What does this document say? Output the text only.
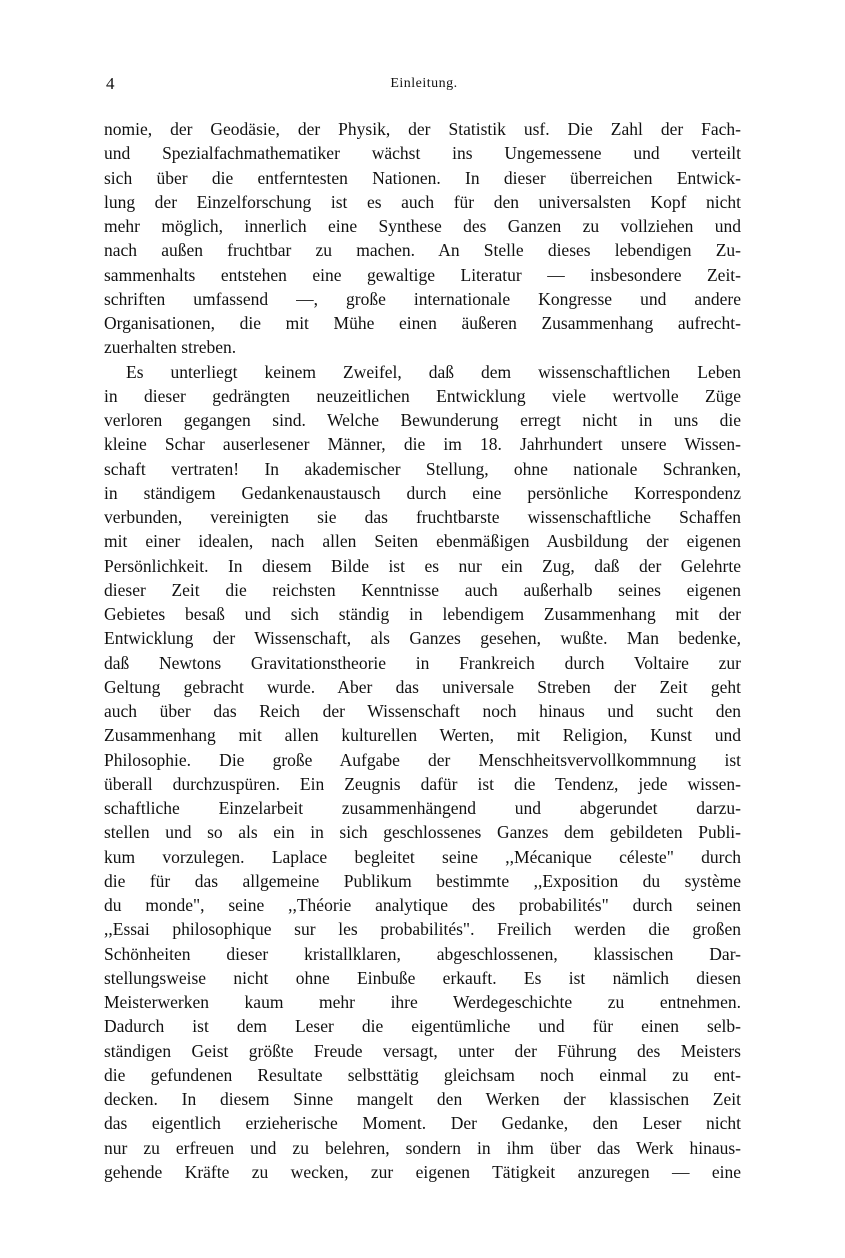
4	Einleitung.
nomie, der Geodäsie, der Physik, der Statistik usf. Die Zahl der Fach-
und Spezialfachmathematiker wächst ins Ungemessene und verteilt
sich über die entferntesten Nationen. In dieser überreichen Entwick-
lung der Einzelforschung ist es auch für den universalsten Kopf nicht
mehr möglich, innerlich eine Synthese des Ganzen zu vollziehen und
nach außen fruchtbar zu machen. An Stelle dieses lebendigen Zu-
sammenhalts entstehen eine gewaltige Literatur — insbesondere Zeit-
schriften umfassend —, große internationale Kongresse und andere
Organisationen, die mit Mühe einen äußeren Zusammenhang aufrecht-
zuerhalten streben.
Es unterliegt keinem Zweifel, daß dem wissenschaftlichen Leben
in dieser gedrängten neuzeitlichen Entwicklung viele wertvolle Züge
verloren gegangen sind. Welche Bewunderung erregt nicht in uns die
kleine Schar auserlesener Männer, die im 18. Jahrhundert unsere Wissen-
schaft vertraten! In akademischer Stellung, ohne nationale Schranken,
in ständigem Gedankenaustausch durch eine persönliche Korrespondenz
verbunden, vereinigten sie das fruchtbarste wissenschaftliche Schaffen
mit einer idealen, nach allen Seiten ebenmäßigen Ausbildung der eigenen
Persönlichkeit. In diesem Bilde ist es nur ein Zug, daß der Gelehrte
dieser Zeit die reichsten Kenntnisse auch außerhalb seines eigenen
Gebietes besaß und sich ständig in lebendigem Zusammenhang mit der
Entwicklung der Wissenschaft, als Ganzes gesehen, wußte. Man bedenke,
daß Newtons Gravitationstheorie in Frankreich durch Voltaire zur
Geltung gebracht wurde. Aber das universale Streben der Zeit geht
auch über das Reich der Wissenschaft noch hinaus und sucht den
Zusammenhang mit allen kulturellen Werten, mit Religion, Kunst und
Philosophie. Die große Aufgabe der Menschheitsvervollkommnung ist
überall durchzuspüren. Ein Zeugnis dafür ist die Tendenz, jede wissen-
schaftliche Einzelarbeit zusammenhängend und abgerundet darzu-
stellen und so als ein in sich geschlossenes Ganzes dem gebildeten Publi-
kum vorzulegen. Laplace begleitet seine ,,Mécanique céleste" durch
die für das allgemeine Publikum bestimmte ,,Exposition du système
du monde", seine ,,Théorie analytique des probabilités" durch seinen
,,Essai philosophique sur les probabilités". Freilich werden die großen
Schönheiten dieser kristallklaren, abgeschlossenen, klassischen Dar-
stellungsweise nicht ohne Einbuße erkauft. Es ist nämlich diesen
Meisterwerken kaum mehr ihre Werdegeschichte zu entnehmen.
Dadurch ist dem Leser die eigentümliche und für einen selb-
ständigen Geist größte Freude versagt, unter der Führung des Meisters
die gefundenen Resultate selbsttätig gleichsam noch einmal zu ent-
decken. In diesem Sinne mangelt den Werken der klassischen Zeit
das eigentlich erzieherische Moment. Der Gedanke, den Leser nicht
nur zu erfreuen und zu belehren, sondern in ihm über das Werk hinaus-
gehende Kräfte zu wecken, zur eigenen Tätigkeit anzuregen — eine
